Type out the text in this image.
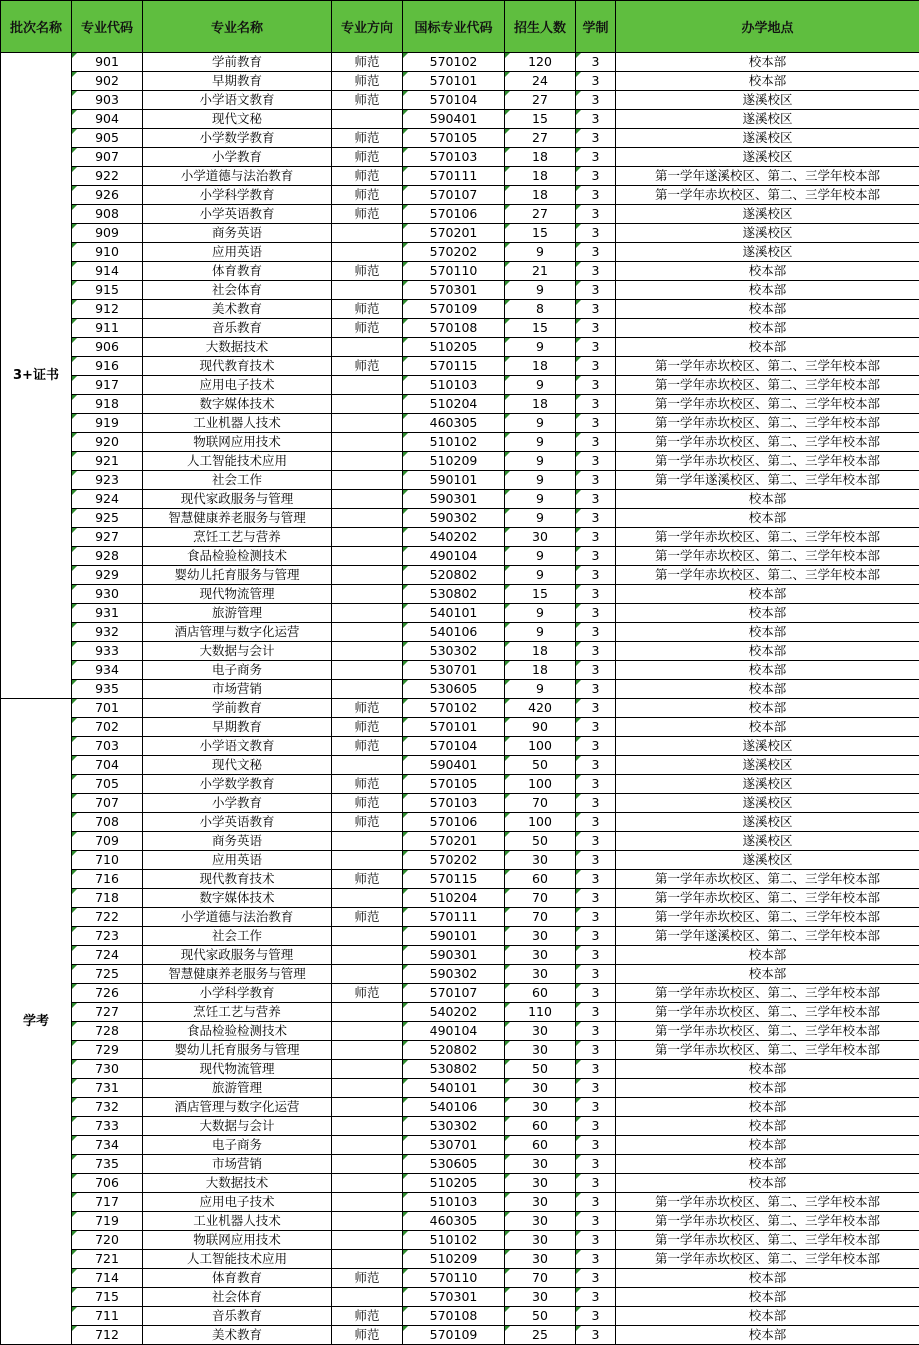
批次名称	专业代码	专业名称	专业方向	国标专业代码	招生人数	学制	办学地点
3+证书	901	学前教育	师范	570102	120	3	校本部
	902	早期教育	师范	570101	24	3	校本部
	903	小学语文教育	师范	570104	27	3	遂溪校区
	904	现代文秘		590401	15	3	遂溪校区
	905	小学数学教育	师范	570105	27	3	遂溪校区
	907	小学教育	师范	570103	18	3	遂溪校区
	922	小学道德与法治教育	师范	570111	18	3	第一学年遂溪校区、第二、三学年校本部
	926	小学科学教育	师范	570107	18	3	第一学年赤坎校区、第二、三学年校本部
	908	小学英语教育	师范	570106	27	3	遂溪校区
	909	商务英语		570201	15	3	遂溪校区
	910	应用英语		570202	9	3	遂溪校区
	914	体育教育	师范	570110	21	3	校本部
	915	社会体育		570301	9	3	校本部
	912	美术教育	师范	570109	8	3	校本部
	911	音乐教育	师范	570108	15	3	校本部
	906	大数据技术		510205	9	3	校本部
	916	现代教育技术	师范	570115	18	3	第一学年赤坎校区、第二、三学年校本部
	917	应用电子技术		510103	9	3	第一学年赤坎校区、第二、三学年校本部
	918	数字媒体技术		510204	18	3	第一学年赤坎校区、第二、三学年校本部
	919	工业机器人技术		460305	9	3	第一学年赤坎校区、第二、三学年校本部
	920	物联网应用技术		510102	9	3	第一学年赤坎校区、第二、三学年校本部
	921	人工智能技术应用		510209	9	3	第一学年赤坎校区、第二、三学年校本部
	923	社会工作		590101	9	3	第一学年遂溪校区、第二、三学年校本部
	924	现代家政服务与管理		590301	9	3	校本部
	925	智慧健康养老服务与管理		590302	9	3	校本部
	927	烹饪工艺与营养		540202	30	3	第一学年赤坎校区、第二、三学年校本部
	928	食品检验检测技术		490104	9	3	第一学年赤坎校区、第二、三学年校本部
	929	婴幼儿托育服务与管理		520802	9	3	第一学年赤坎校区、第二、三学年校本部
	930	现代物流管理		530802	15	3	校本部
	931	旅游管理		540101	9	3	校本部
	932	酒店管理与数字化运营		540106	9	3	校本部
	933	大数据与会计		530302	18	3	校本部
	934	电子商务		530701	18	3	校本部
	935	市场营销		530605	9	3	校本部
学考	701	学前教育	师范	570102	420	3	校本部
	702	早期教育	师范	570101	90	3	校本部
	703	小学语文教育	师范	570104	100	3	遂溪校区
	704	现代文秘		590401	50	3	遂溪校区
	705	小学数学教育	师范	570105	100	3	遂溪校区
	707	小学教育	师范	570103	70	3	遂溪校区
	708	小学英语教育	师范	570106	100	3	遂溪校区
	709	商务英语		570201	50	3	遂溪校区
	710	应用英语		570202	30	3	遂溪校区
	716	现代教育技术	师范	570115	60	3	第一学年赤坎校区、第二、三学年校本部
	718	数字媒体技术		510204	70	3	第一学年赤坎校区、第二、三学年校本部
	722	小学道德与法治教育	师范	570111	70	3	第一学年赤坎校区、第二、三学年校本部
	723	社会工作		590101	30	3	第一学年遂溪校区、第二、三学年校本部
	724	现代家政服务与管理		590301	30	3	校本部
	725	智慧健康养老服务与管理		590302	30	3	校本部
	726	小学科学教育	师范	570107	60	3	第一学年赤坎校区、第二、三学年校本部
	727	烹饪工艺与营养		540202	110	3	第一学年赤坎校区、第二、三学年校本部
	728	食品检验检测技术		490104	30	3	第一学年赤坎校区、第二、三学年校本部
	729	婴幼儿托育服务与管理		520802	30	3	第一学年赤坎校区、第二、三学年校本部
	730	现代物流管理		530802	50	3	校本部
	731	旅游管理		540101	30	3	校本部
	732	酒店管理与数字化运营		540106	30	3	校本部
	733	大数据与会计		530302	60	3	校本部
	734	电子商务		530701	60	3	校本部
	735	市场营销		530605	30	3	校本部
	706	大数据技术		510205	30	3	校本部
	717	应用电子技术		510103	30	3	第一学年赤坎校区、第二、三学年校本部
	719	工业机器人技术		460305	30	3	第一学年赤坎校区、第二、三学年校本部
	720	物联网应用技术		510102	30	3	第一学年赤坎校区、第二、三学年校本部
	721	人工智能技术应用		510209	30	3	第一学年赤坎校区、第二、三学年校本部
	714	体育教育	师范	570110	70	3	校本部
	715	社会体育		570301	30	3	校本部
	711	音乐教育	师范	570108	50	3	校本部
	712	美术教育	师范	570109	25	3	校本部
